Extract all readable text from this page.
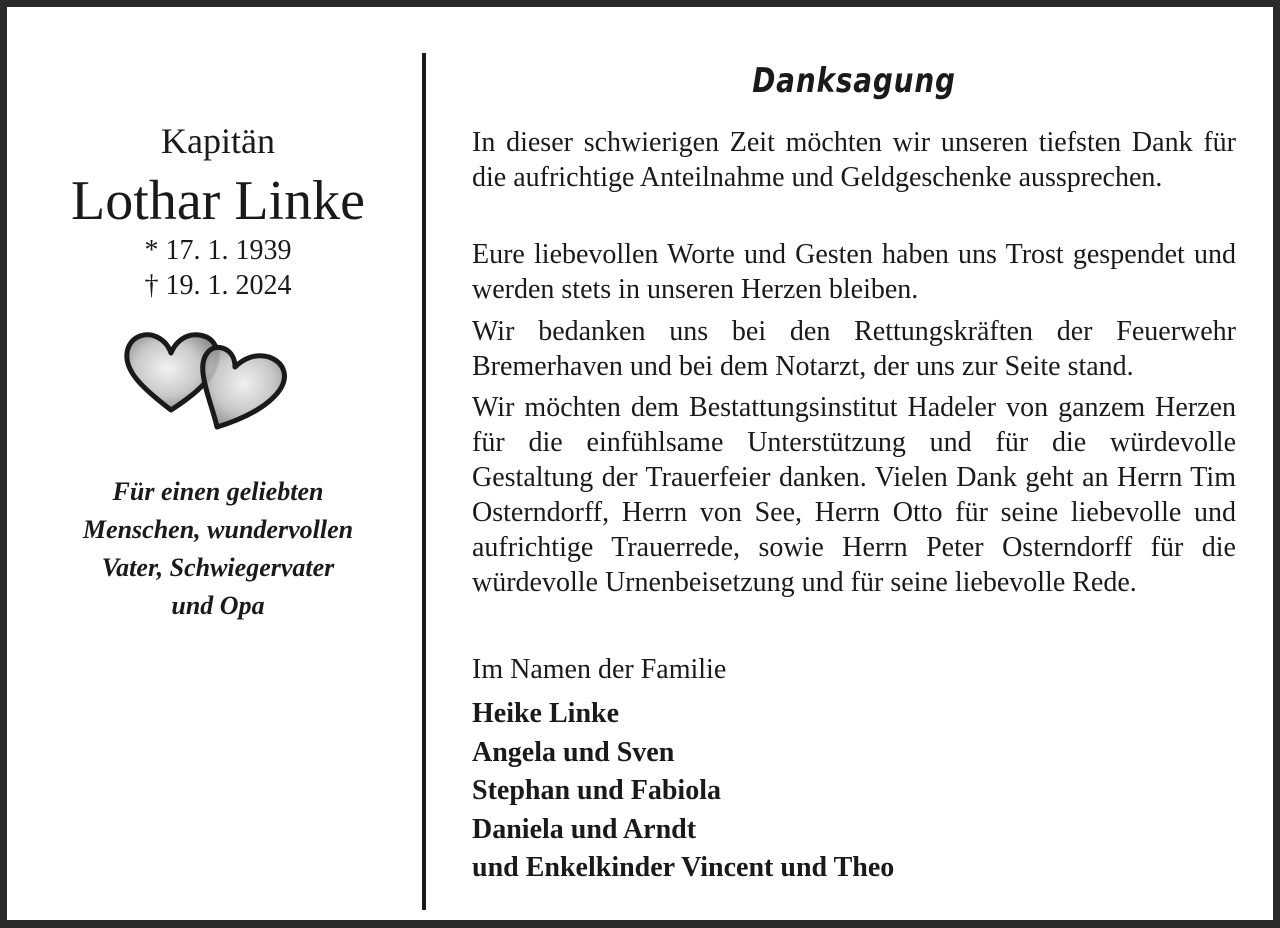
Kapitän
Lothar Linke
* 17. 1. 1939
† 19. 1. 2024
Für einen geliebten Menschen, wundervollen Vater, Schwiegervater und Opa
Danksagung

In dieser schwierigen Zeit möchten wir unseren tiefsten Dank für die aufrichtige Anteilnahme und Geldgeschenke aussprechen.

Eure liebevollen Worte und Gesten haben uns Trost gespendet und werden stets in unseren Herzen bleiben.

Wir bedanken uns bei den Rettungskräften der Feuerwehr Bremerhaven und bei dem Notarzt, der uns zur Seite stand.

Wir möchten dem Bestattungsinstitut Hadeler von ganzem Herzen für die einfühlsame Unterstützung und für die würdevolle Gestaltung der Trauerfeier danken. Vielen Dank geht an Herrn Tim Osterndorff, Herrn von See, Herrn Otto für seine liebevolle und aufrichtige Trauerrede, sowie Herrn Peter Osterndorff für die würdevolle Urnenbeisetzung und für seine liebevolle Rede.

Im Namen der Familie
Heike Linke
Angela und Sven
Stephan und Fabiola
Daniela und Arndt
und Enkelkinder Vincent und Theo
